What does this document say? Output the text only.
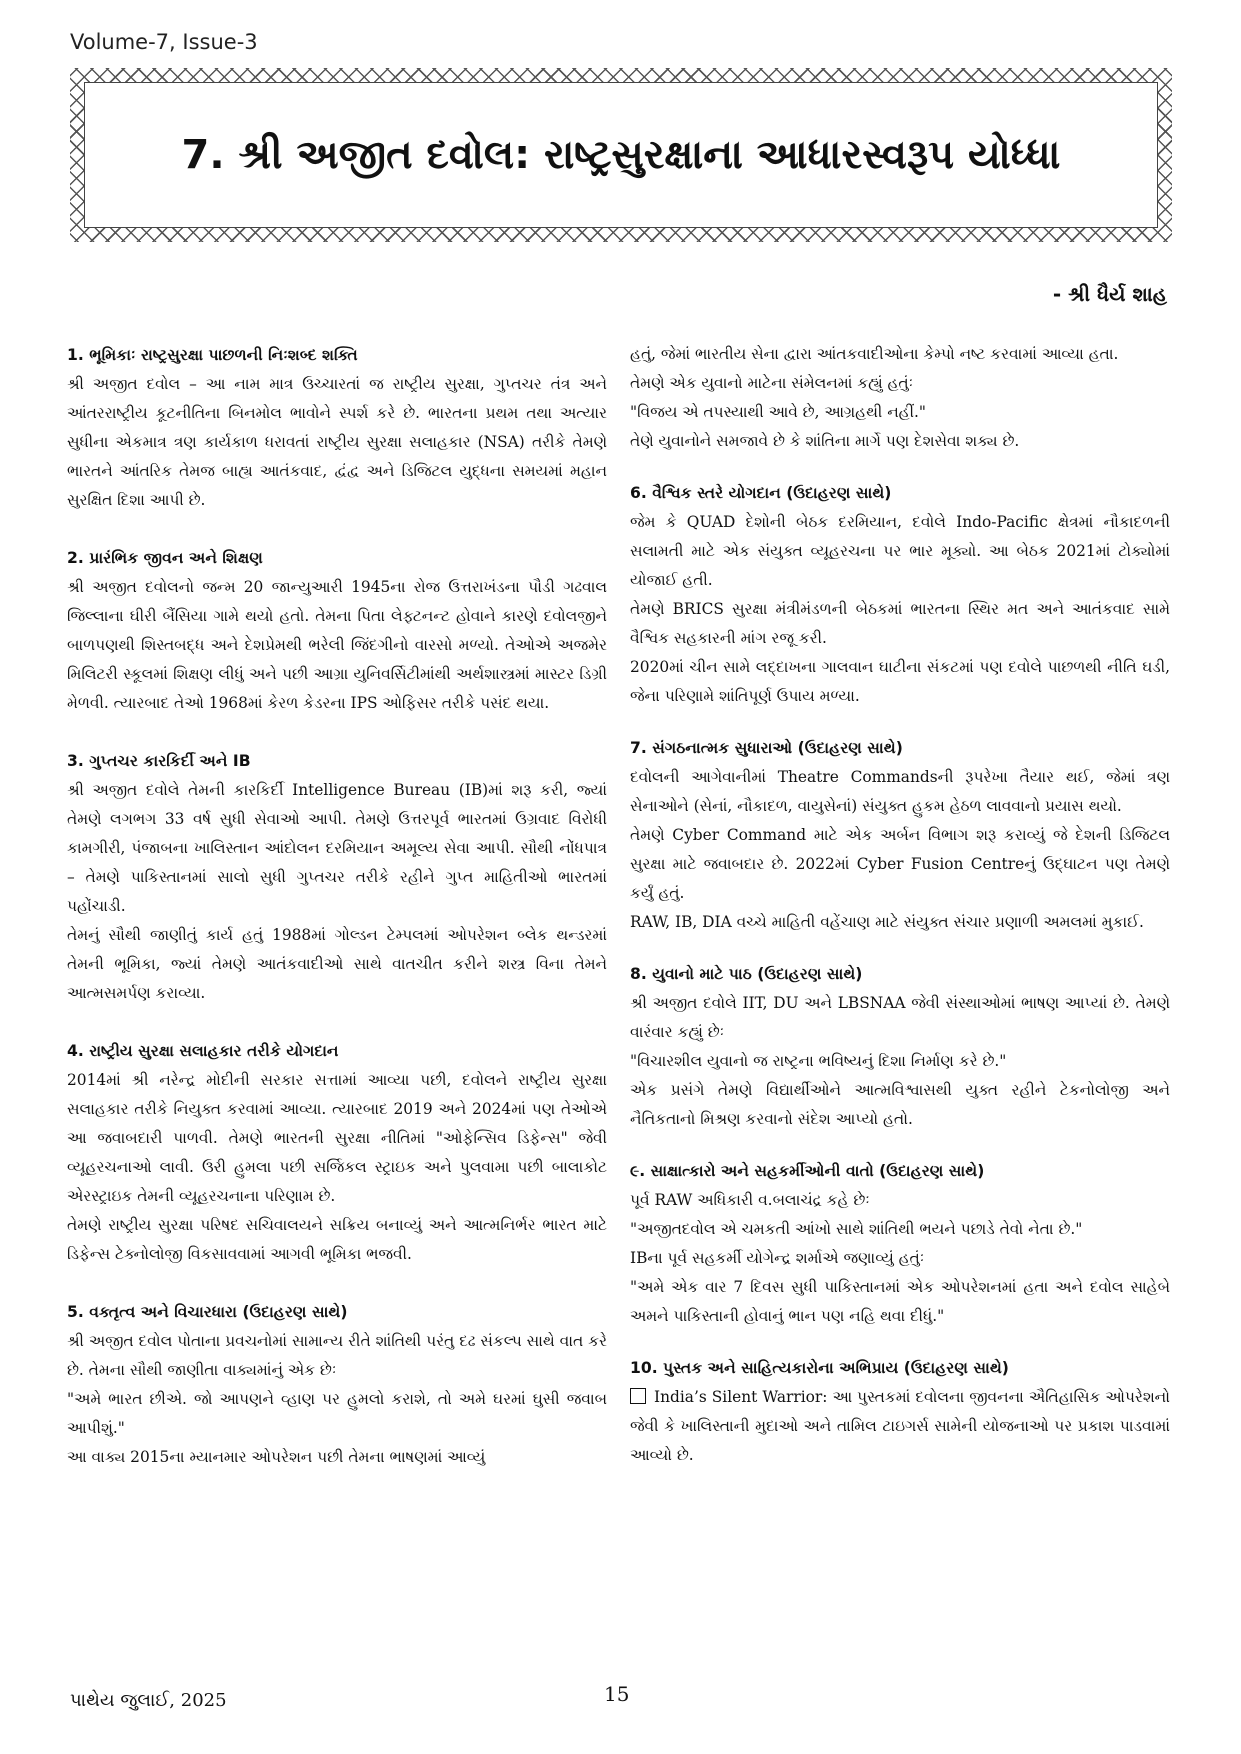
Volume-7, Issue-3
7. શ્રી અજીત દવોલ: રાષ્ટ્રસુરક્ષાના આધારસ્વરૂપ યોધ્ધા
- શ્રી ધૈર્ય શાહ
1. ભૂમિકાઃ રાષ્ટ્રસુરક્ષા પાછળની નિઃશબ્દ શક્તિ

શ્રી અજીત દવોલ – આ નામ માત્ર ઉચ્ચારતાં જ રાષ્ટ્રીય સુરક્ષા, ગુપ્તચર તંત્ર અને આંતરરાષ્ટ્રીય કૂટનીતિના બિનમોલ ભાવોને સ્પર્શ કરે છે. ભારતના પ્રથમ તથા અત્યાર સુધીના એકમાત્ર ત્રણ કાર્યકાળ ધરાવતાં રાષ્ટ્રીય સુરક્ષા સલાહકાર (NSA) તરીકે તેમણે ભારતને આંતરિક તેમજ બાહ્ય આતંકવાદ, દ્વંદ્વ અને ડિજિટલ યુદ્ધના સમયમાં મહાન સુરક્ષિત દિશા આપી છે.

2. પ્રારંભિક જીવન અને શિક્ષણ

શ્રી અજીત દવોલનો જન્મ 20 જાન્યુઆરી 1945ના રોજ ઉત્તરાખંડના પૌડી ગઢવાલ જિલ્લાના ઘીરી બૈંસિયા ગામે થયો હતો. તેમના પિતા લેફ્ટનન્ટ હોવાને કારણે દવોલજીને બાળપણથી શિસ્તબદ્ધ અને દેશપ્રેમથી ભરેલી જિંદગીનો વારસો મળ્યો. તેઓએ અજમેર મિલિટરી સ્કૂલમાં શિક્ષણ લીધું અને પછી આગ્રા યુનિવર્સિટીમાંથી અર્થશાસ્ત્રમાં માસ્ટર ડિગ્રી મેળવી. ત્યારબાદ તેઓ 1968માં કેરળ કેડરના IPS ઓફિસર તરીકે પસંદ થયા.

3. ગુપ્તચર કારકિર્દી અને IB

શ્રી અજીત દવોલે તેમની કારકિર્દી Intelligence Bureau (IB)માં શરૂ કરી, જ્યાં તેમણે લગભગ 33 વર્ષ સુધી સેવાઓ આપી. તેમણે ઉત્તરપૂર્વ ભારતમાં ઉગ્રવાદ વિરોધી કામગીરી, પંજાબના ખાલિસ્તાન આંદોલન દરમિયાન અમૂલ્ય સેવા આપી. સૌથી નોંધપાત્ર – તેમણે પાકિસ્તાનમાં સાલો સુધી ગુપ્તચર તરીકે રહીને ગુપ્ત માહિતીઓ ભારતમાં પહોંચાડી.

તેમનું સૌથી જાણીતું કાર્ય હતું 1988માં ગોલ્ડન ટેમ્પલમાં ઓપરેશન બ્લેક થન્ડરમાં તેમની ભૂમિકા, જ્યાં તેમણે આતંકવાદીઓ સાથે વાતચીત કરીને શસ્ત્ર વિના તેમને આત્મસમર્પણ કરાવ્યા.

4. રાષ્ટ્રીય સુરક્ષા સલાહકાર તરીકે યોગદાન

2014માં શ્રી નરેન્દ્ર મોદીની સરકાર સત્તામાં આવ્યા પછી, દવોલને રાષ્ટ્રીય સુરક્ષા સલાહકાર તરીકે નિયુક્ત કરવામાં આવ્યા. ત્યારબાદ 2019 અને 2024માં પણ તેઓએ આ જવાબદારી પાળવી. તેમણે ભારતની સુરક્ષા નીતિમાં "ઓફેન્સિવ ડિફેન્સ" જેવી વ્યૂહરચનાઓ લાવી. ઉરી હુમલા પછી સર્જિકલ સ્ટ્રાઇક અને પુલવામા પછી બાલાકોટ એરસ્ટ્રાઇક તેમની વ્યૂહરચનાના પરિણામ છે.

તેમણે રાષ્ટ્રીય સુરક્ષા પરિષદ સચિવાલયને સક્રિય બનાવ્યું અને આત્મનિર્ભર ભારત માટે ડિફેન્સ ટેક્નોલોજી વિકસાવવામાં આગવી ભૂમિકા ભજવી.

5. વક્તૃત્વ અને વિચારધારા (ઉદાહરણ સાથે)

શ્રી અજીત દવોલ પોતાના પ્રવચનોમાં સામાન્ય રીતે શાંતિથી પરંતુ દઢ સંકલ્પ સાથે વાત કરે છે. તેમના સૌથી જાણીતા વાક્યમાંનું એક છેઃ

"અમે ભારત છીએ. જો આપણને વ્હાણ પર હુમલો કરાશે, તો અમે ઘરમાં ઘુસી જવાબ આપીશું."

આ વાક્ય 2015ના મ્યાનમાર ઓપરેશન પછી તેમના ભાષણમાં આવ્યું

હતું, જેમાં ભારતીય સેના દ્વારા આંતકવાદીઓના કેમ્પો નષ્ટ કરવામાં આવ્યા હતા.

તેમણે એક યુવાનો માટેના સંમેલનમાં કહ્યું હતુંઃ

"વિજય એ તપસ્યાથી આવે છે, આગ્રહથી નહીં."

તેણે યુવાનોને સમજાવે છે કે શાંતિના માર્ગે પણ દેશસેવા શક્ય છે.

6. વૈશ્વિક સ્તરે યોગદાન (ઉદાહરણ સાથે)

જેમ કે QUAD દેશોની બેઠક દરમિયાન, દવોલે Indo-Pacific ક્ષેત્રમાં નૌકાદળની સલામતી માટે એક સંયુક્ત વ્યૂહરચના પર ભાર મૂક્યો. આ બેઠક 2021માં ટોક્યોમાં યોજાઈ હતી.

તેમણે BRICS સુરક્ષા મંત્રીમંડળની બેઠકમાં ભારતના સ્થિર મત અને આતંકવાદ સામે વૈશ્વિક સહકારની માંગ રજૂ કરી.

2020માં ચીન સામે લદ્દાખના ગાલવાન ઘાટીના સંકટમાં પણ દવોલે પાછળથી નીતિ ઘડી, જેના પરિણામે શાંતિપૂર્ણ ઉપાય મળ્યા.

7. સંગઠનાત્મક સુધારાઓ (ઉદાહરણ સાથે)

દવોલની આગેવાનીમાં Theatre Commandsની રૂપરેખા તૈયાર થઈ, જેમાં ત્રણ સેનાઓને (સેનાં, નૌકાદળ, વાયુસેનાં) સંયુક્ત હુકમ હેઠળ લાવવાનો પ્રયાસ થયો.

તેમણે Cyber Command માટે એક અર્બન વિભાગ શરૂ કરાવ્યું જે દેશની ડિજિટલ સુરક્ષા માટે જવાબદાર છે. 2022માં Cyber Fusion Centreનું ઉદ્ઘાટન પણ તેમણે કર્યું હતું.

RAW, IB, DIA વચ્ચે માહિતી વહેંચાણ માટે સંયુક્ત સંચાર પ્રણાળી અમલમાં મુકાઈ.

8. યુવાનો માટે પાઠ (ઉદાહરણ સાથે)

શ્રી અજીત દવોલે IIT, DU અને LBSNAA જેવી સંસ્થાઓમાં ભાષણ આપ્યાં છે. તેમણે વારંવાર કહ્યું છેઃ

"વિચારશીલ યુવાનો જ રાષ્ટ્રના ભવિષ્યનું દિશા નિર્માણ કરે છે."

એક પ્રસંગે તેમણે વિદ્યાર્થીઓને આત્મવિશ્વાસથી યુક્ત રહીને ટેકનોલોજી અને નૈતિકતાનો મિશ્રણ કરવાનો સંદેશ આપ્યો હતો.

૯. સાક્ષાત્કારો અને સહકર્મીઓની વાતો (ઉદાહરણ સાથે)

પૂર્વ RAW અધિકારી વ.બલાચંદ્ર કહે છેઃ

"અજીતદવોલ એ ચમકતી આંખો સાથે શાંતિથી ભયને પછાડે તેવો નેતા છે."

IBના પૂર્વ સહકર્મી યોગેન્દ્ર શર્માએ જણાવ્યું હતુંઃ

"અમે એક વાર 7 દિવસ સુધી પાકિસ્તાનમાં એક ઓપરેશનમાં હતા અને દવોલ સાહેબે અમને પાકિસ્તાની હોવાનું ભાન પણ નહિ થવા દીધું."

10. પુસ્તક અને સાહિત્યકારોના અભિપ્રાય (ઉદાહરણ સાથે)

India’s Silent Warrior: આ પુસ્તકમાં દવોલના જીવનના ઐતિહાસિક ઓપરેશનો જેવી કે ખાલિસ્તાની મુદાઓ અને તામિલ ટાઇગર્સ સામેની યોજનાઓ પર પ્રકાશ પાડવામાં આવ્યો છે.

પાથેય જુલાઈ, 2025	15
